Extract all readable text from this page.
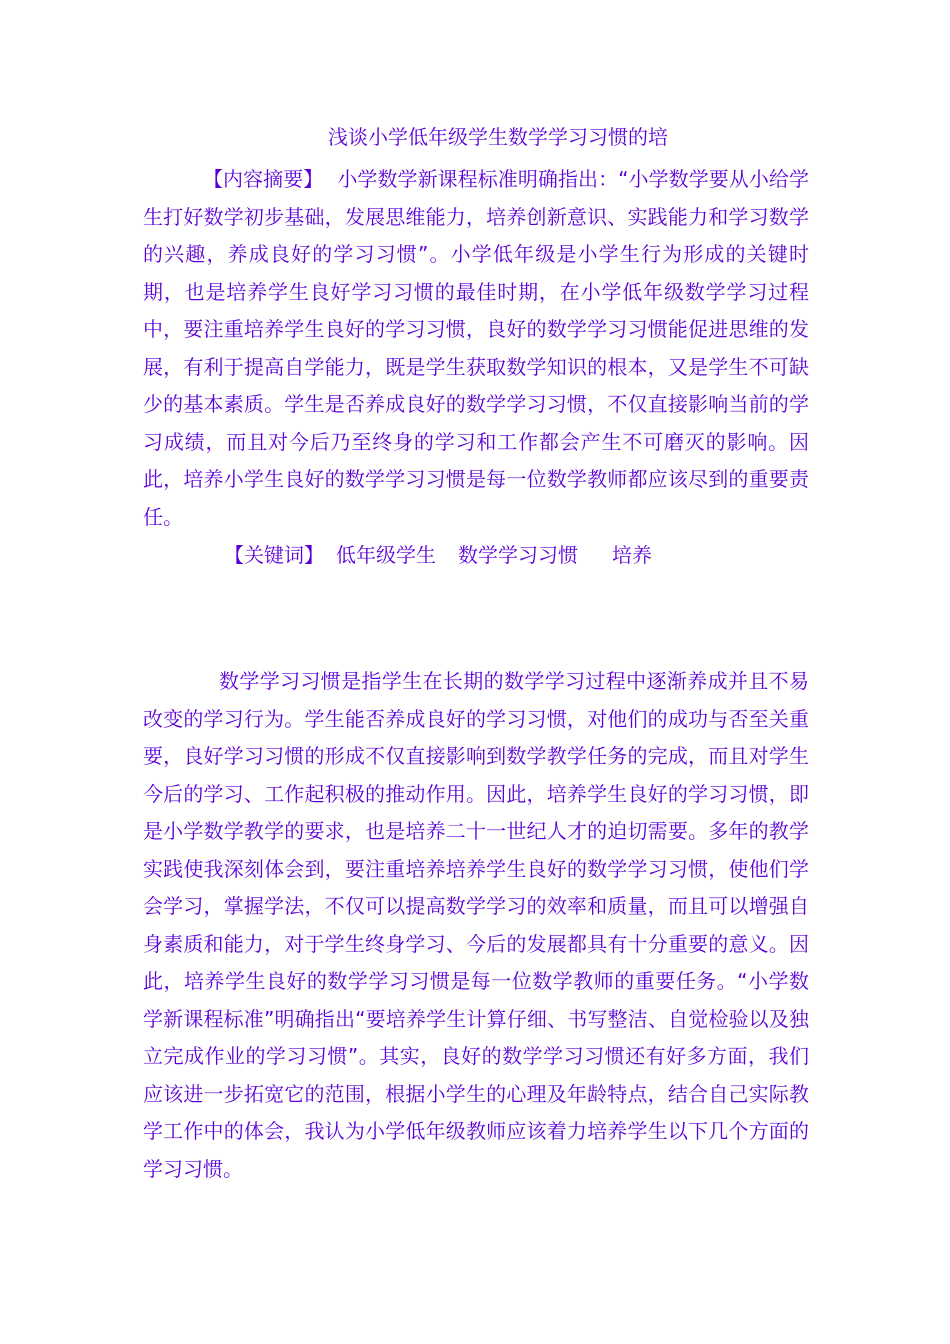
浅谈小学低年级学生数学学习习惯的培
【内容摘要】 小学数学新课程标准明确指出：“小学数学要从小给学生打好数学初步基础，发展思维能力，培养创新意识、实践能力和学习数学的兴趣，养成良好的学习习惯”。小学低年级是小学生行为形成的关键时期，也是培养学生良好学习习惯的最佳时期，在小学低年级数学学习过程中，要注重培养学生良好的学习习惯，良好的数学学习习惯能促进思维的发展，有利于提高自学能力，既是学生获取数学知识的根本，又是学生不可缺少的基本素质。学生是否养成良好的数学学习习惯，不仅直接影响当前的学习成绩，而且对今后乃至终身的学习和工作都会产生不可磨灭的影响。因此，培养小学生良好的数学学习习惯是每一位数学教师都应该尽到的重要责任。
【关键词】 低年级学生 数学学习习惯 培养
数学学习习惯是指学生在长期的数学学习过程中逐渐养成并且不易改变的学习行为。学生能否养成良好的学习习惯，对他们的成功与否至关重要，良好学习习惯的形成不仅直接影响到数学教学任务的完成，而且对学生今后的学习、工作起积极的推动作用。因此，培养学生良好的学习习惯，即是小学数学教学的要求，也是培养二十一世纪人才的迫切需要。多年的教学实践使我深刻体会到，要注重培养培养学生良好的数学学习习惯，使他们学会学习，掌握学法，不仅可以提高数学学习的效率和质量，而且可以增强自身素质和能力，对于学生终身学习、今后的发展都具有十分重要的意义。因此，培养学生良好的数学学习习惯是每一位数学教师的重要任务。“小学数学新课程标准”明确指出“要培养学生计算仔细、书写整洁、自觉检验以及独立完成作业的学习习惯”。其实，良好的数学学习习惯还有好多方面，我们应该进一步拓宽它的范围，根据小学生的心理及年龄特点，结合自己实际教学工作中的体会，我认为小学低年级教师应该着力培养学生以下几个方面的学习习惯。
